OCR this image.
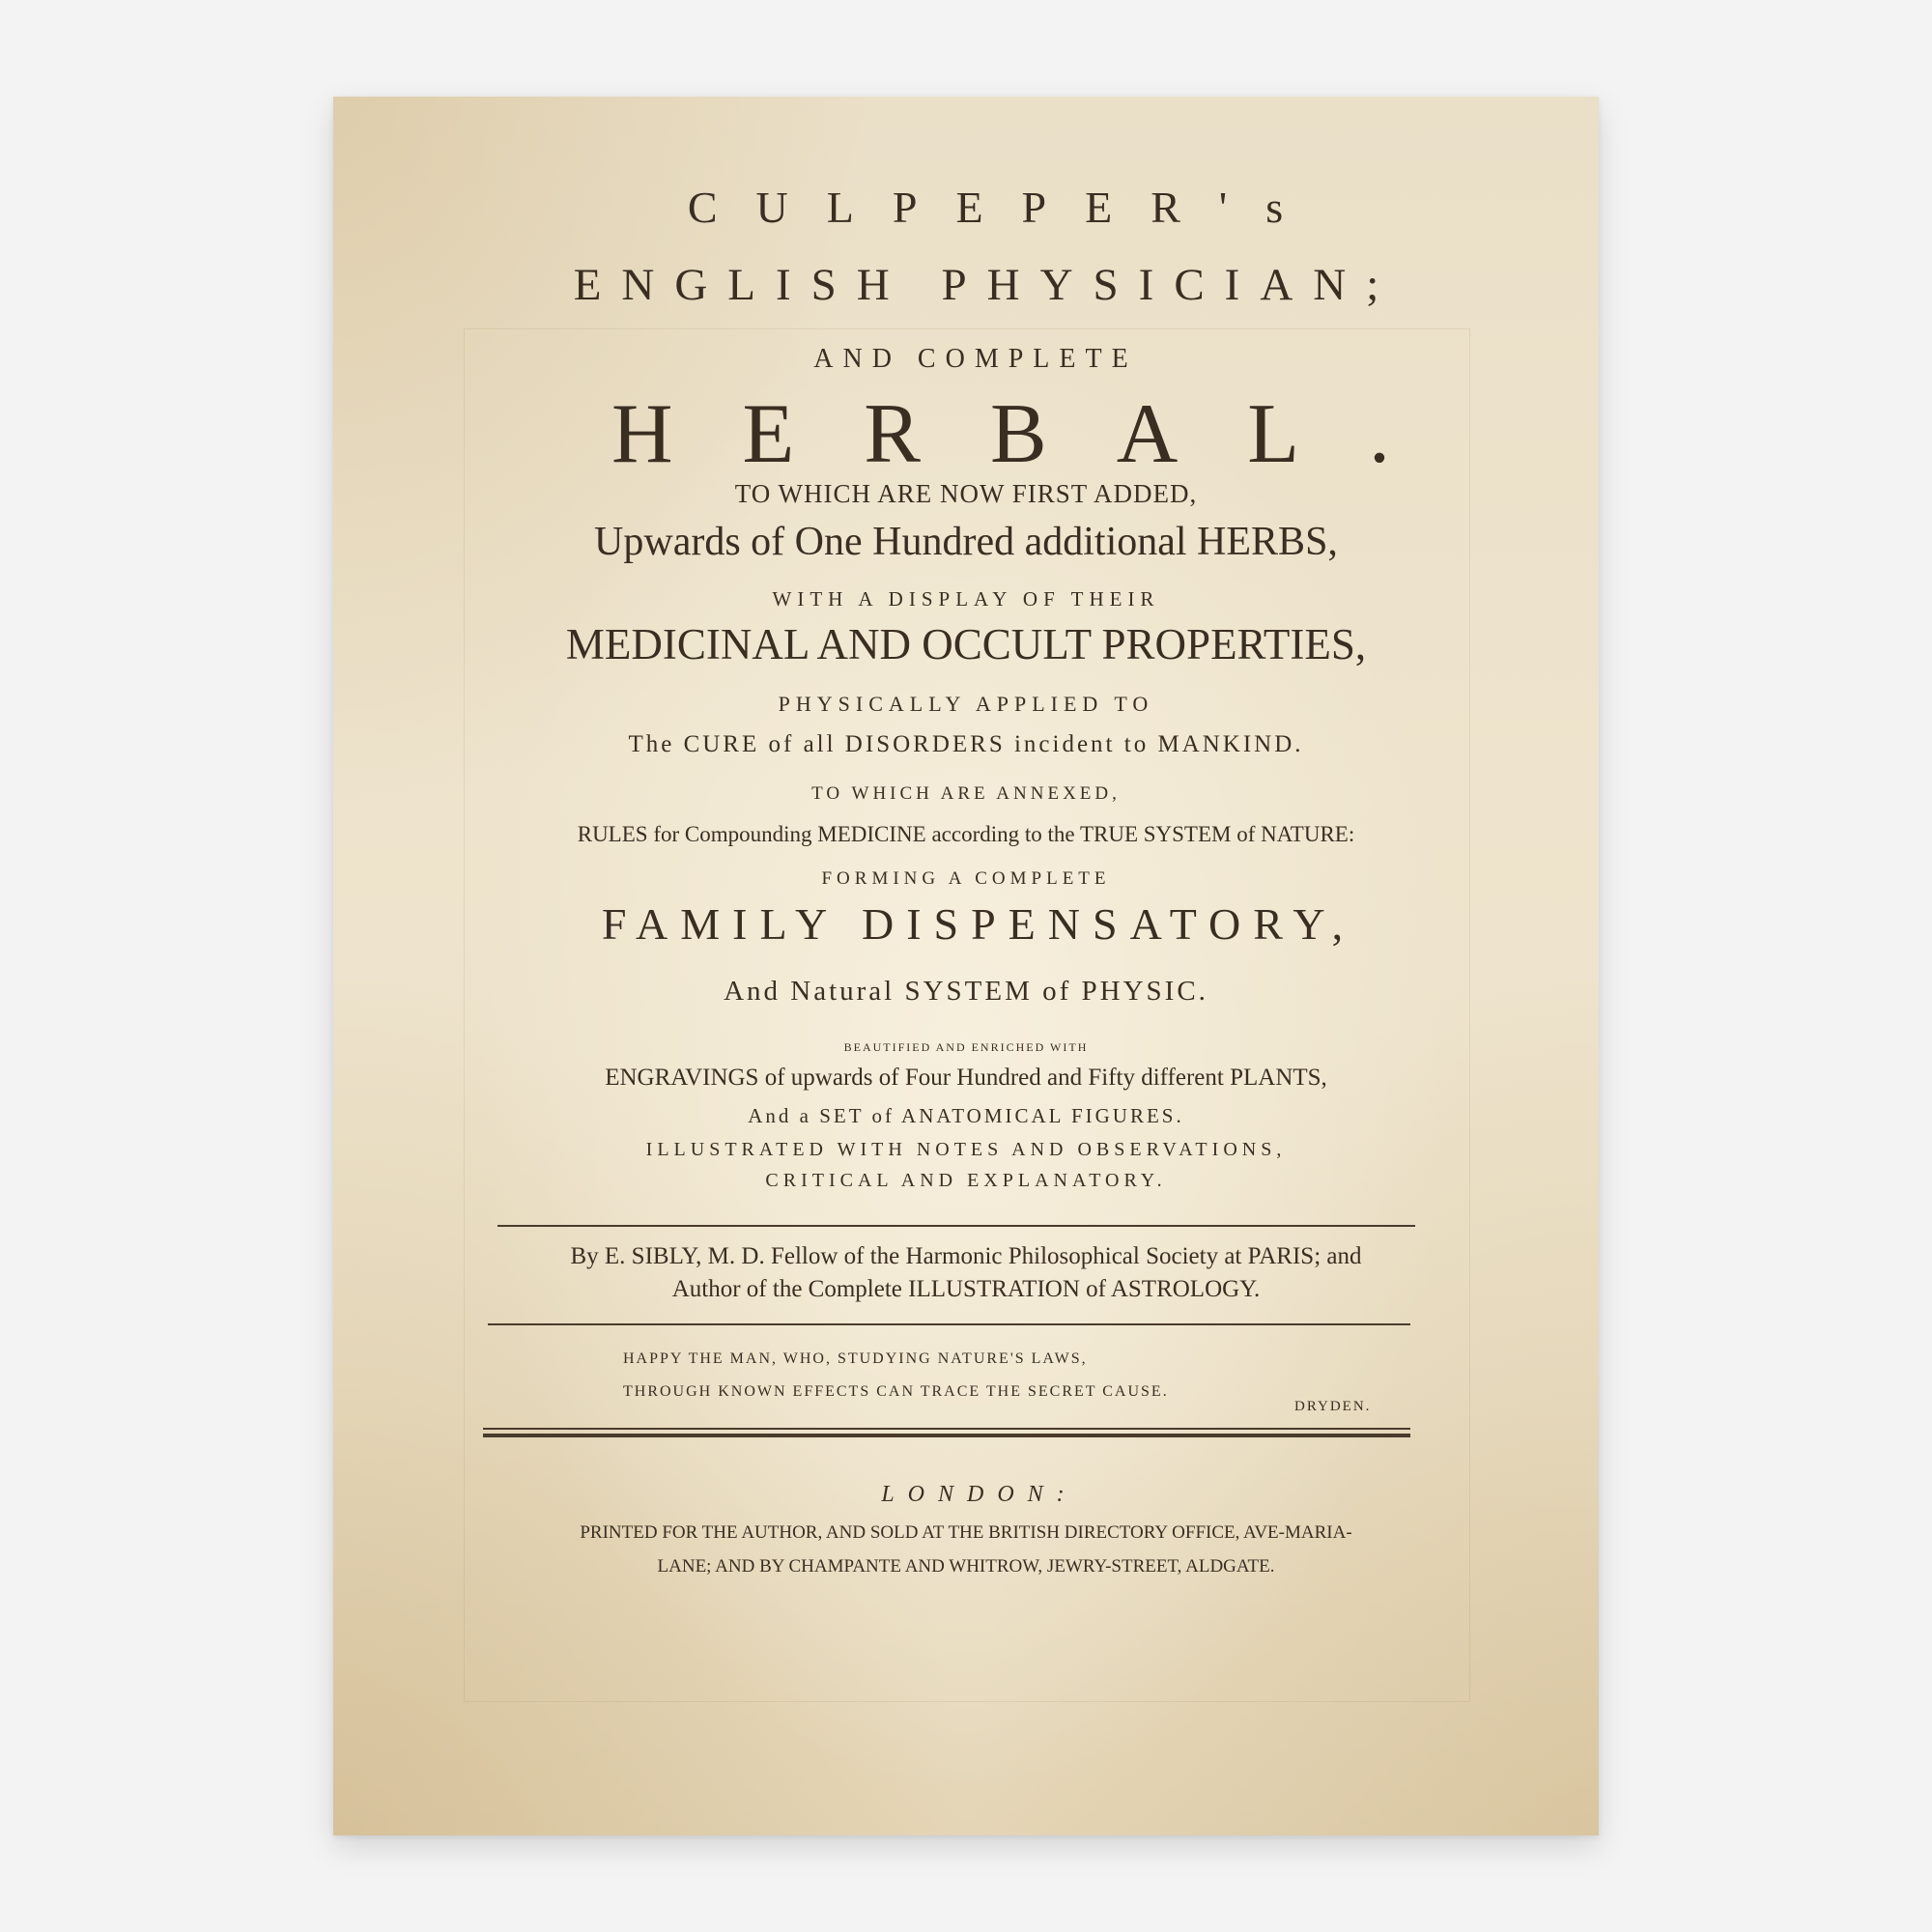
CULPEPER's
ENGLISH PHYSICIAN;
AND COMPLETE
HERBAL.
TO WHICH ARE NOW FIRST ADDED,
Upwards of One Hundred additional HERBS,
WITH A DISPLAY OF THEIR
MEDICINAL AND OCCULT PROPERTIES,
PHYSICALLY APPLIED TO
The CURE of all DISORDERS incident to MANKIND.
TO WHICH ARE ANNEXED,
RULES for Compounding MEDICINE according to the TRUE SYSTEM of NATURE:
FORMING A COMPLETE
FAMILY DISPENSATORY,
And Natural SYSTEM of PHYSIC.
BEAUTIFIED AND ENRICHED WITH
ENGRAVINGS of upwards of Four Hundred and Fifty different PLANTS,
And a SET of ANATOMICAL FIGURES.
ILLUSTRATED WITH NOTES AND OBSERVATIONS,
CRITICAL AND EXPLANATORY.
By E. SIBLY, M. D. Fellow of the Harmonic Philosophical Society at PARIS; and
Author of the Complete ILLUSTRATION of ASTROLOGY.
HAPPY THE MAN, WHO, STUDYING NATURE'S LAWS,
THROUGH KNOWN EFFECTS CAN TRACE THE SECRET CAUSE.
DRYDEN.
LONDON:
PRINTED FOR THE AUTHOR, AND SOLD AT THE BRITISH DIRECTORY OFFICE, AVE-MARIA-
LANE; AND BY CHAMPANTE AND WHITROW, JEWRY-STREET, ALDGATE.
